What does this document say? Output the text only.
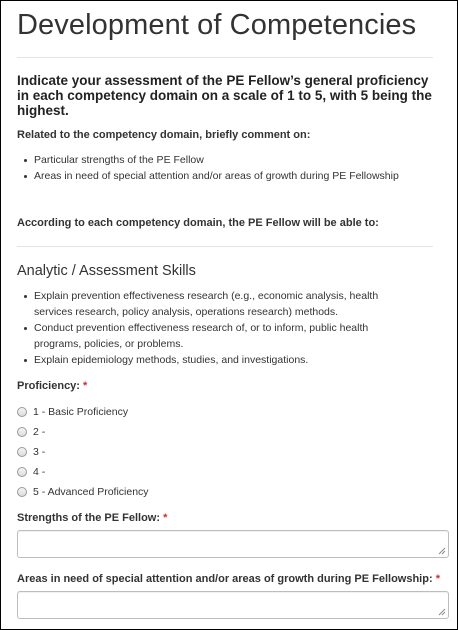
Development of Competencies

Indicate your assessment of the PE Fellow’s general proficiency in each competency domain on a scale of 1 to 5, with 5 being the highest.

Related to the competency domain, briefly comment on:

Particular strengths of the PE Fellow
Areas in need of special attention and/or areas of growth during PE Fellowship

According to each competency domain, the PE Fellow will be able to:

Analytic / Assessment Skills
Explain prevention effectiveness research (e.g., economic analysis, health services research, policy analysis, operations research) methods.
Conduct prevention effectiveness research of, or to inform, public health programs, policies, or problems.
Explain epidemiology methods, studies, and investigations.

Proficiency: *

1 - Basic Proficiency
2 -
3 -
4 -
5 - Advanced Proficiency

Strengths of the PE Fellow: *

Areas in need of special attention and/or areas of growth during PE Fellowship: *
